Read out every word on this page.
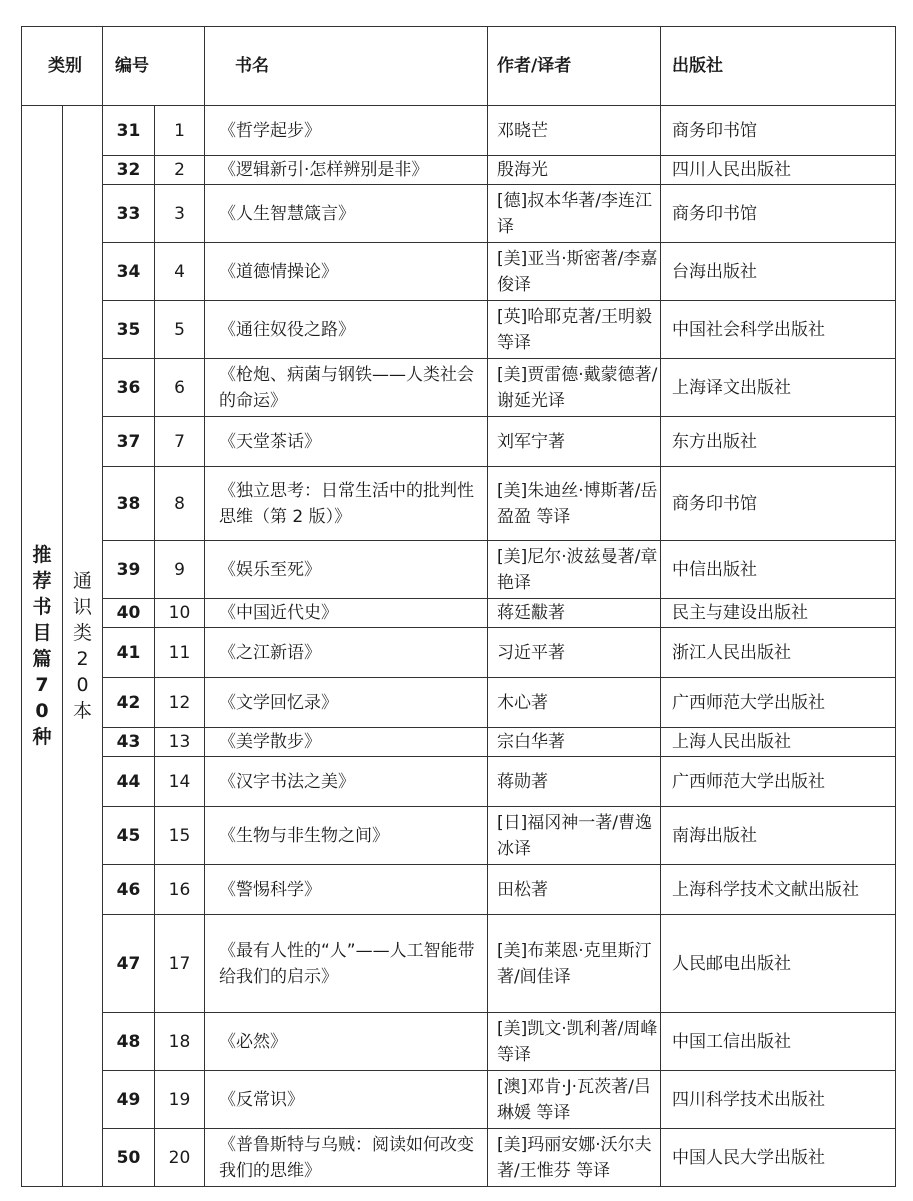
类别		编号		书名	作者/译者	出版社
推荐书目篇70种	通识类20本	31	1	《哲学起步》	邓晓芒	商务印书馆
		32	2	《逻辑新引·怎样辨别是非》	殷海光	四川人民出版社
		33	3	《人生智慧箴言》	[德]叔本华著/李连江译	商务印书馆
		34	4	《道德情操论》	[美]亚当·斯密著/李嘉俊译	台海出版社
		35	5	《通往奴役之路》	[英]哈耶克著/王明毅 等译	中国社会科学出版社
		36	6	《枪炮、病菌与钢铁——人类社会的命运》	[美]贾雷德·戴蒙德著/谢延光译	上海译文出版社
		37	7	《天堂茶话》	刘军宁著	东方出版社
		38	8	《独立思考：日常生活中的批判性思维（第 2 版）》	[美]朱迪丝·博斯著/岳盈盈 等译	商务印书馆
		39	9	《娱乐至死》	[美]尼尔·波兹曼著/章艳译	中信出版社
		40	10	《中国近代史》	蒋廷黻著	民主与建设出版社
		41	11	《之江新语》	习近平著	浙江人民出版社
		42	12	《文学回忆录》	木心著	广西师范大学出版社
		43	13	《美学散步》	宗白华著	上海人民出版社
		44	14	《汉字书法之美》	蒋勋著	广西师范大学出版社
		45	15	《生物与非生物之间》	[日]福冈神一著/曹逸冰译	南海出版社
		46	16	《警惕科学》	田松著	上海科学技术文献出版社
		47	17	《最有人性的“人”——人工智能带给我们的启示》	[美]布莱恩·克里斯汀著/闾佳译	人民邮电出版社
		48	18	《必然》	[美]凯文·凯利著/周峰 等译	中国工信出版社
		49	19	《反常识》	[澳]邓肯·J·瓦茨著/吕琳媛 等译	四川科学技术出版社
		50	20	《普鲁斯特与乌贼：阅读如何改变我们的思维》	[美]玛丽安娜·沃尔夫著/王惟芬 等译	中国人民大学出版社
